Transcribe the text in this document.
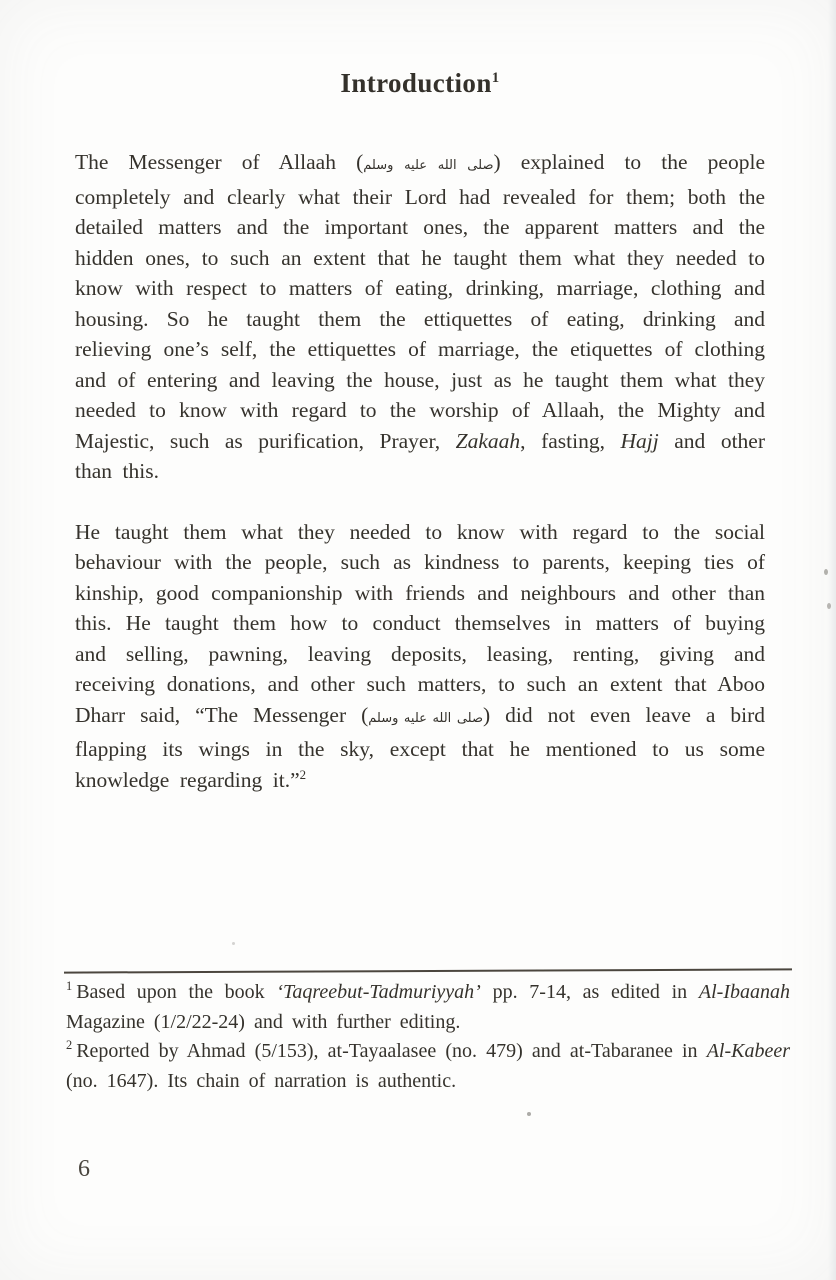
Introduction$^1$

The Messenger of Allaah (صلى الله عليه وسلم) explained to the people completely and clearly what their Lord had revealed for them; both the detailed matters and the important ones, the apparent matters and the hidden ones, to such an extent that he taught them what they needed to know with respect to matters of eating, drinking, marriage, clothing and housing. So he taught them the ettiquettes of eating, drinking and relieving one’s self, the ettiquettes of marriage, the etiquettes of clothing and of entering and leaving the house, just as he taught them what they needed to know with regard to the worship of Allaah, the Mighty and Majestic, such as purification, Prayer, Zakaah, fasting, Hajj and other than this.

He taught them what they needed to know with regard to the social behaviour with the people, such as kindness to parents, keeping ties of kinship, good companionship with friends and neighbours and other than this. He taught them how to conduct themselves in matters of buying and selling, pawning, leaving deposits, leasing, renting, giving and receiving donations, and other such matters, to such an extent that Aboo Dharr said, “The Messenger (صلى الله عليه وسلم) did not even leave a bird flapping its wings in the sky, except that he mentioned to us some knowledge regarding it.”$^2$

$^1$ Based upon the book ‘Taqreebut-Tadmuriyyah’ pp. 7-14, as edited in Al-Ibaanah Magazine (1/2/22-24) and with further editing.

$^2$ Reported by Ahmad (5/153), at-Tayaalasee (no. 479) and at-Tabaranee in Al-Kabeer (no. 1647). Its chain of narration is authentic.

6
